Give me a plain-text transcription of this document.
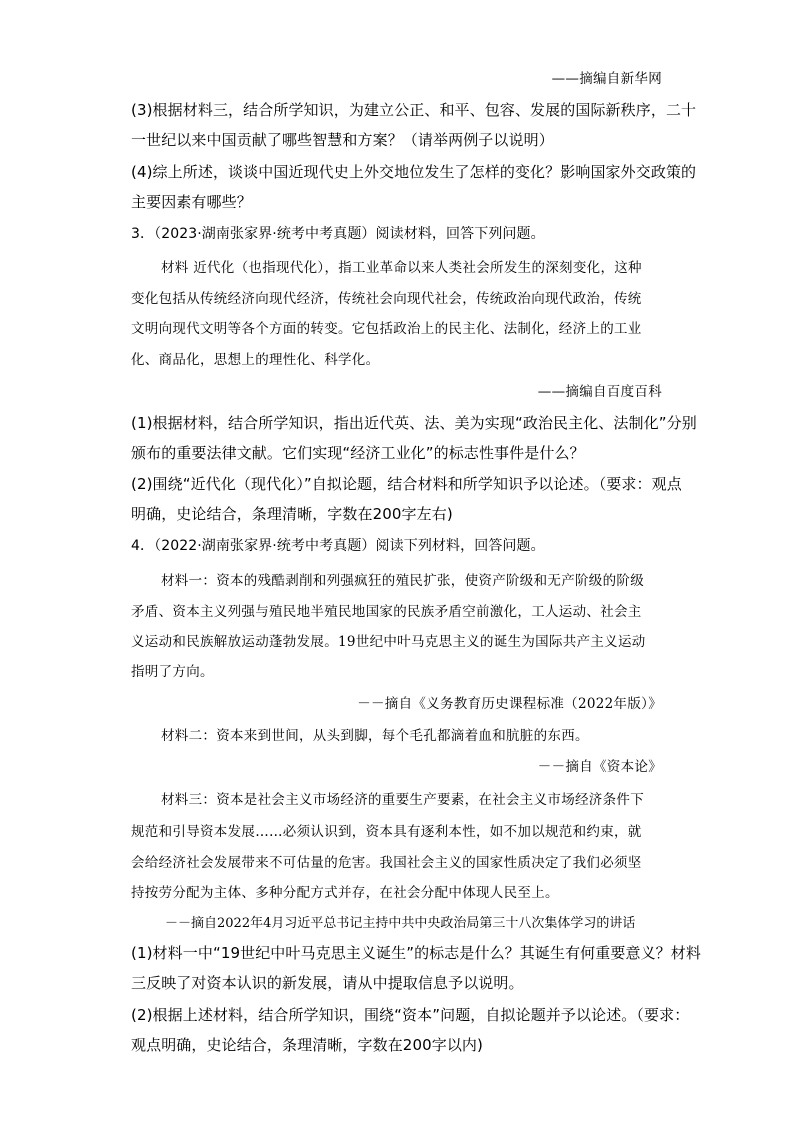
——摘编自新华网
(3)根据材料三，结合所学知识，为建立公正、和平、包容、发展的国际新秩序，二十
一世纪以来中国贡献了哪些智慧和方案？（请举两例子以说明）
(4)综上所述，谈谈中国近现代史上外交地位发生了怎样的变化？影响国家外交政策的
主要因素有哪些？
3．（2023·湖南张家界·统考中考真题）阅读材料，回答下列问题。
材料 近代化（也指现代化），指工业革命以来人类社会所发生的深刻变化，这种
变化包括从传统经济向现代经济，传统社会向现代社会，传统政治向现代政治，传统
文明向现代文明等各个方面的转变。它包括政治上的民主化、法制化，经济上的工业
化、商品化，思想上的理性化、科学化。
——摘编自百度百科
(1)根据材料，结合所学知识，指出近代英、法、美为实现“政治民主化、法制化”分别
颁布的重要法律文献。它们实现“经济工业化”的标志性事件是什么？
(2)围绕“近代化（现代化）”自拟论题，结合材料和所学知识予以论述。（要求：观点
明确，史论结合，条理清晰，字数在200字左右)
4．（2022·湖南张家界·统考中考真题）阅读下列材料，回答问题。
材料一：资本的残酷剥削和列强疯狂的殖民扩张，使资产阶级和无产阶级的阶级
矛盾、资本主义列强与殖民地半殖民地国家的民族矛盾空前激化，工人运动、社会主
义运动和民族解放运动蓬勃发展。19世纪中叶马克思主义的诞生为国际共产主义运动
指明了方向。
－－摘自《义务教育历史课程标准（2022年版）》
材料二：资本来到世间，从头到脚，每个毛孔都滴着血和肮脏的东西。
－－摘自《资本论》
材料三：资本是社会主义市场经济的重要生产要素，在社会主义市场经济条件下
规范和引导资本发展……必须认识到，资本具有逐利本性，如不加以规范和约束，就
会给经济社会发展带来不可估量的危害。我国社会主义的国家性质决定了我们必须坚
持按劳分配为主体、多种分配方式并存，在社会分配中体现人民至上。
－－摘自2022年4月习近平总书记主持中共中央政治局第三十八次集体学习的讲话
(1)材料一中“19世纪中叶马克思主义诞生”的标志是什么？其诞生有何重要意义？材料
三反映了对资本认识的新发展，请从中提取信息予以说明。
(2)根据上述材料，结合所学知识，围绕“资本”问题，自拟论题并予以论述。（要求：
观点明确，史论结合，条理清晰，字数在200字以内)
